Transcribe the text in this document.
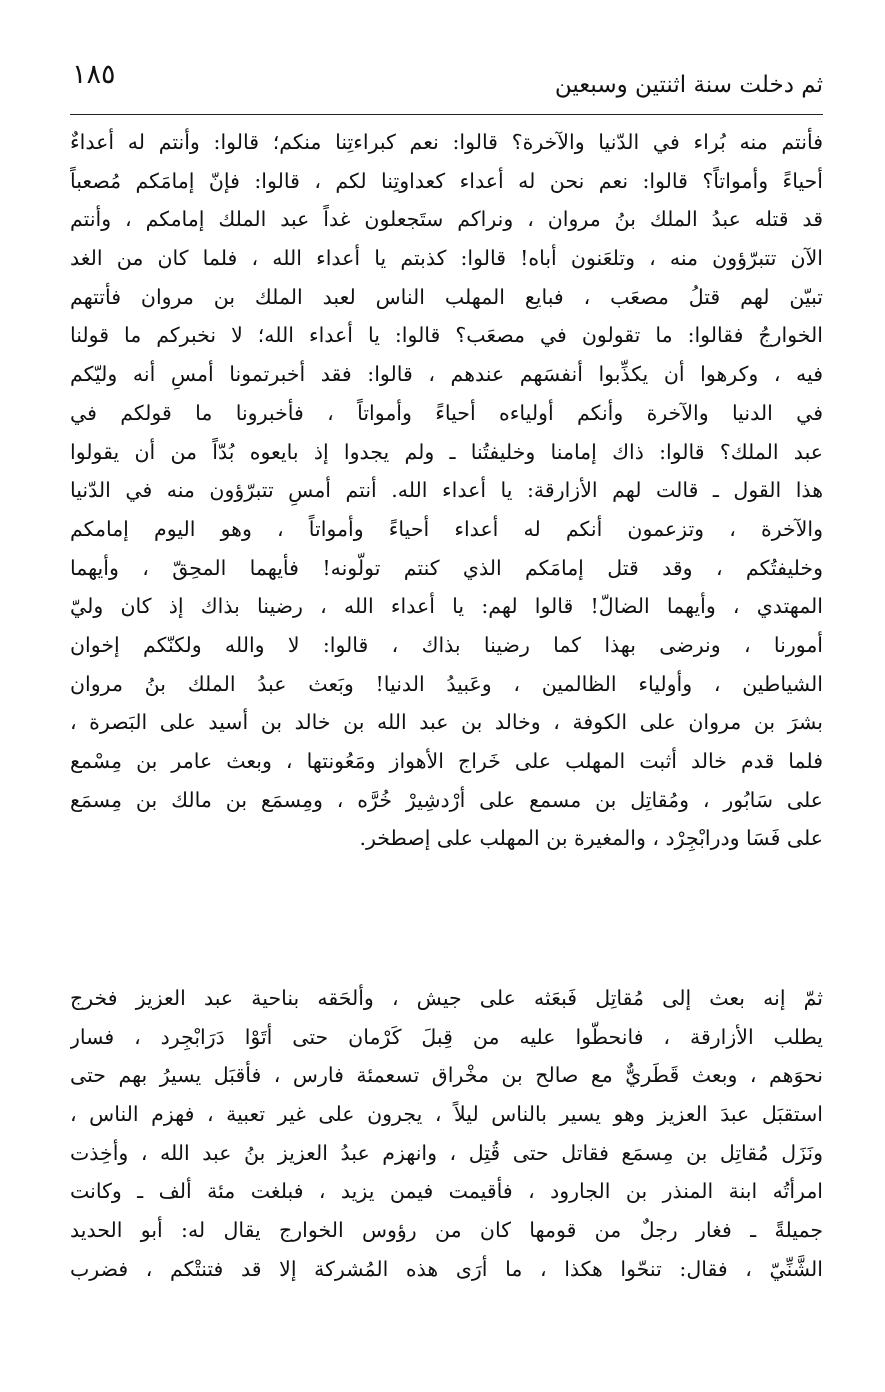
١٨٥	ثم دخلت سنة اثنتين وسبعين
فأنتم منه بُراء في الدّنيا والآخرة؟ قالوا: نعم كبراءتِنا منكم؛ قالوا: وأنتم له أعداءٌ
أحياءً وأمواتاً؟ قالوا: نعم نحن له أعداء كعداوتِنا لكم ، قالوا: فإنّ إمامَكم مُصعباً
قد قتله عبدُ الملك بنُ مروان ، ونراكم ستَجعلون غداً عبد الملك إمامكم ، وأنتم
الآن تتبرّؤون منه ، وتلعَنون أباه! قالوا: كذبتم يا أعداء الله ، فلما كان من الغد
تبيّن لهم قتلُ مصعَب ، فبايع المهلب الناس لعبد الملك بن مروان فأتتهم
الخوارجُ فقالوا: ما تقولون في مصعَب؟ قالوا: يا أعداء الله؛ لا نخبركم ما قولنا
فيه ، وكرهوا أن يكذِّبوا أنفسَهم عندهم ، قالوا: فقد أخبرتمونا أمسِ أنه وليّكم
في الدنيا والآخرة وأنكم أولياءه أحياءً وأمواتاً ، فأخبرونا ما قولكم في
عبد الملك؟ قالوا: ذاك إمامنا وخليفتُنا ـ ولم يجدوا إذ بايعوه بُدّاً من أن يقولوا
هذا القول ـ قالت لهم الأزارقة: يا أعداء الله. أنتم أمسِ تتبرّؤون منه في الدّنيا
والآخرة ، وتزعمون أنكم له أعداء أحياءً وأمواتاً ، وهو اليوم إمامكم
وخليفتُكم ، وقد قتل إمامَكم الذي كنتم تولّونه! فأيهما المحِقّ ، وأيهما
المهتدي ، وأيهما الضالّ! قالوا لهم: يا أعداء الله ، رضينا بذاك إذ كان وليّ
أمورنا ، ونرضى بهذا كما رضينا بذاك ، قالوا: لا والله ولكنّكم إخوان
الشياطين ، وأولياء الظالمين ، وعَبيدُ الدنيا! وبَعث عبدُ الملك بنُ مروان
بشرَ بن مروان على الكوفة ، وخالد بن عبد الله بن خالد بن أسيد على البَصرة ،
فلما قدم خالد أثبت المهلب على خَراج الأهواز ومَعُونتها ، وبعث عامر بن مِسْمع
على سَابُور ، ومُقاتِل بن مسمع على أرْدشِيرْ خُرَّه ، ومِسمَع بن مالك بن مِسمَع
على فَسَا ودرابْجِرْد ، والمغيرة بن المهلب على إصطخر.
ثمّ إنه بعث إلى مُقاتِل فَبعَثه على جيش ، وألحَقه بناحية عبد العزيز فخرج
يطلب الأزارقة ، فانحطّوا عليه من قِبلَ كَرْمان حتى أتَوْا دَرَابْجِرد ، فسار
نحوَهم ، وبعث قَطَريٌّ مع صالح بن مخْراق تسعمئة فارس ، فأقبَل يسيرُ بهم حتى
استقبَل عبدَ العزيز وهو يسير بالناس ليلاً ، يجرون على غير تعبية ، فهزم الناس ،
ونَزَل مُقاتِل بن مِسمَع فقاتل حتى قُتِل ، وانهزم عبدُ العزيز بنُ عبد الله ، وأخِذت
امرأتُه ابنة المنذر بن الجارود ، فأقيمت فيمن يزيد ، فبلغت مئة ألف ـ وكانت
جميلةً ـ فغار رجلٌ من قومها كان من رؤوس الخوارج يقال له: أبو الحديد
الشَّنِّيّ ، فقال: تنحّوا هكذا ، ما أرَى هذه المُشركة إلا قد فتنتْكم ، فضرب
